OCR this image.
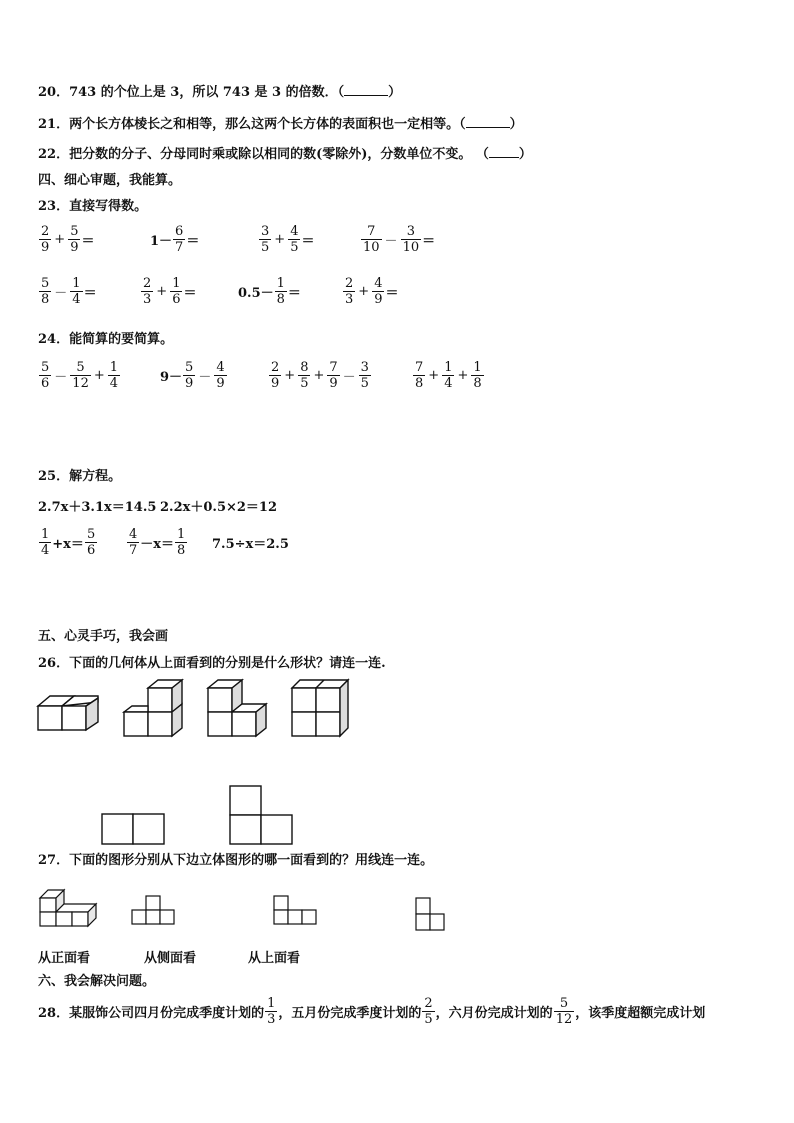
20．743 的个位上是 3，所以 743 是 3 的倍数．（	）
21．两个长方体棱长之和相等，那么这两个长方体的表面积也一定相等。（	）
22．把分数的分子、分母同时乘或除以相同的数(零除外)，分数单位不变。 （ ）
四、细心审题，我能算。
23．直接写得数。
$\frac{2}{9} + \frac{5}{9}$ ＝	$1- \frac{6}{7}$ ＝	$\frac{3}{5} + \frac{4}{5}$ ＝	$\frac{7}{10} - \frac{3}{10}$ ＝
$\frac{5}{8} - \frac{1}{4}$ ＝	$\frac{2}{3} + \frac{1}{6}$ ＝	$0.5- \frac{1}{8}$ ＝	$\frac{2}{3} + \frac{4}{9}$ ＝
24．能简算的要简算。
$\frac{5}{6} - \frac{5}{12} + \frac{1}{4}$	$9- \frac{5}{9} - \frac{4}{9}$	$\frac{2}{9} + \frac{8}{5} + \frac{7}{9} - \frac{3}{5}$	$\frac{7}{8} + \frac{1}{4} + \frac{1}{8}$
25．解方程。
2.7x＋3.1x＝14.5 2.2x＋0.5×2＝12
$\frac{1}{4} +x= \frac{5}{6} \frac{4}{7} -x= \frac{1}{8} 7.5\div x=2.5$
五、心灵手巧，我会画
26．下面的几何体从上面看到的分别是什么形状？请连一连.
27．下面的图形分别从下边立体图形的哪一面看到的？用线连一连。
从正面看	从侧面看	从上面看
六、我会解决问题。
28．某服饰公司四月份完成季度计划的 $\frac{1}{3}$ ，五月份完成季度计划的 $\frac{2}{5}$ ，六月份完成计划的 $\frac{5}{12}$ ，该季度超额完成计划
